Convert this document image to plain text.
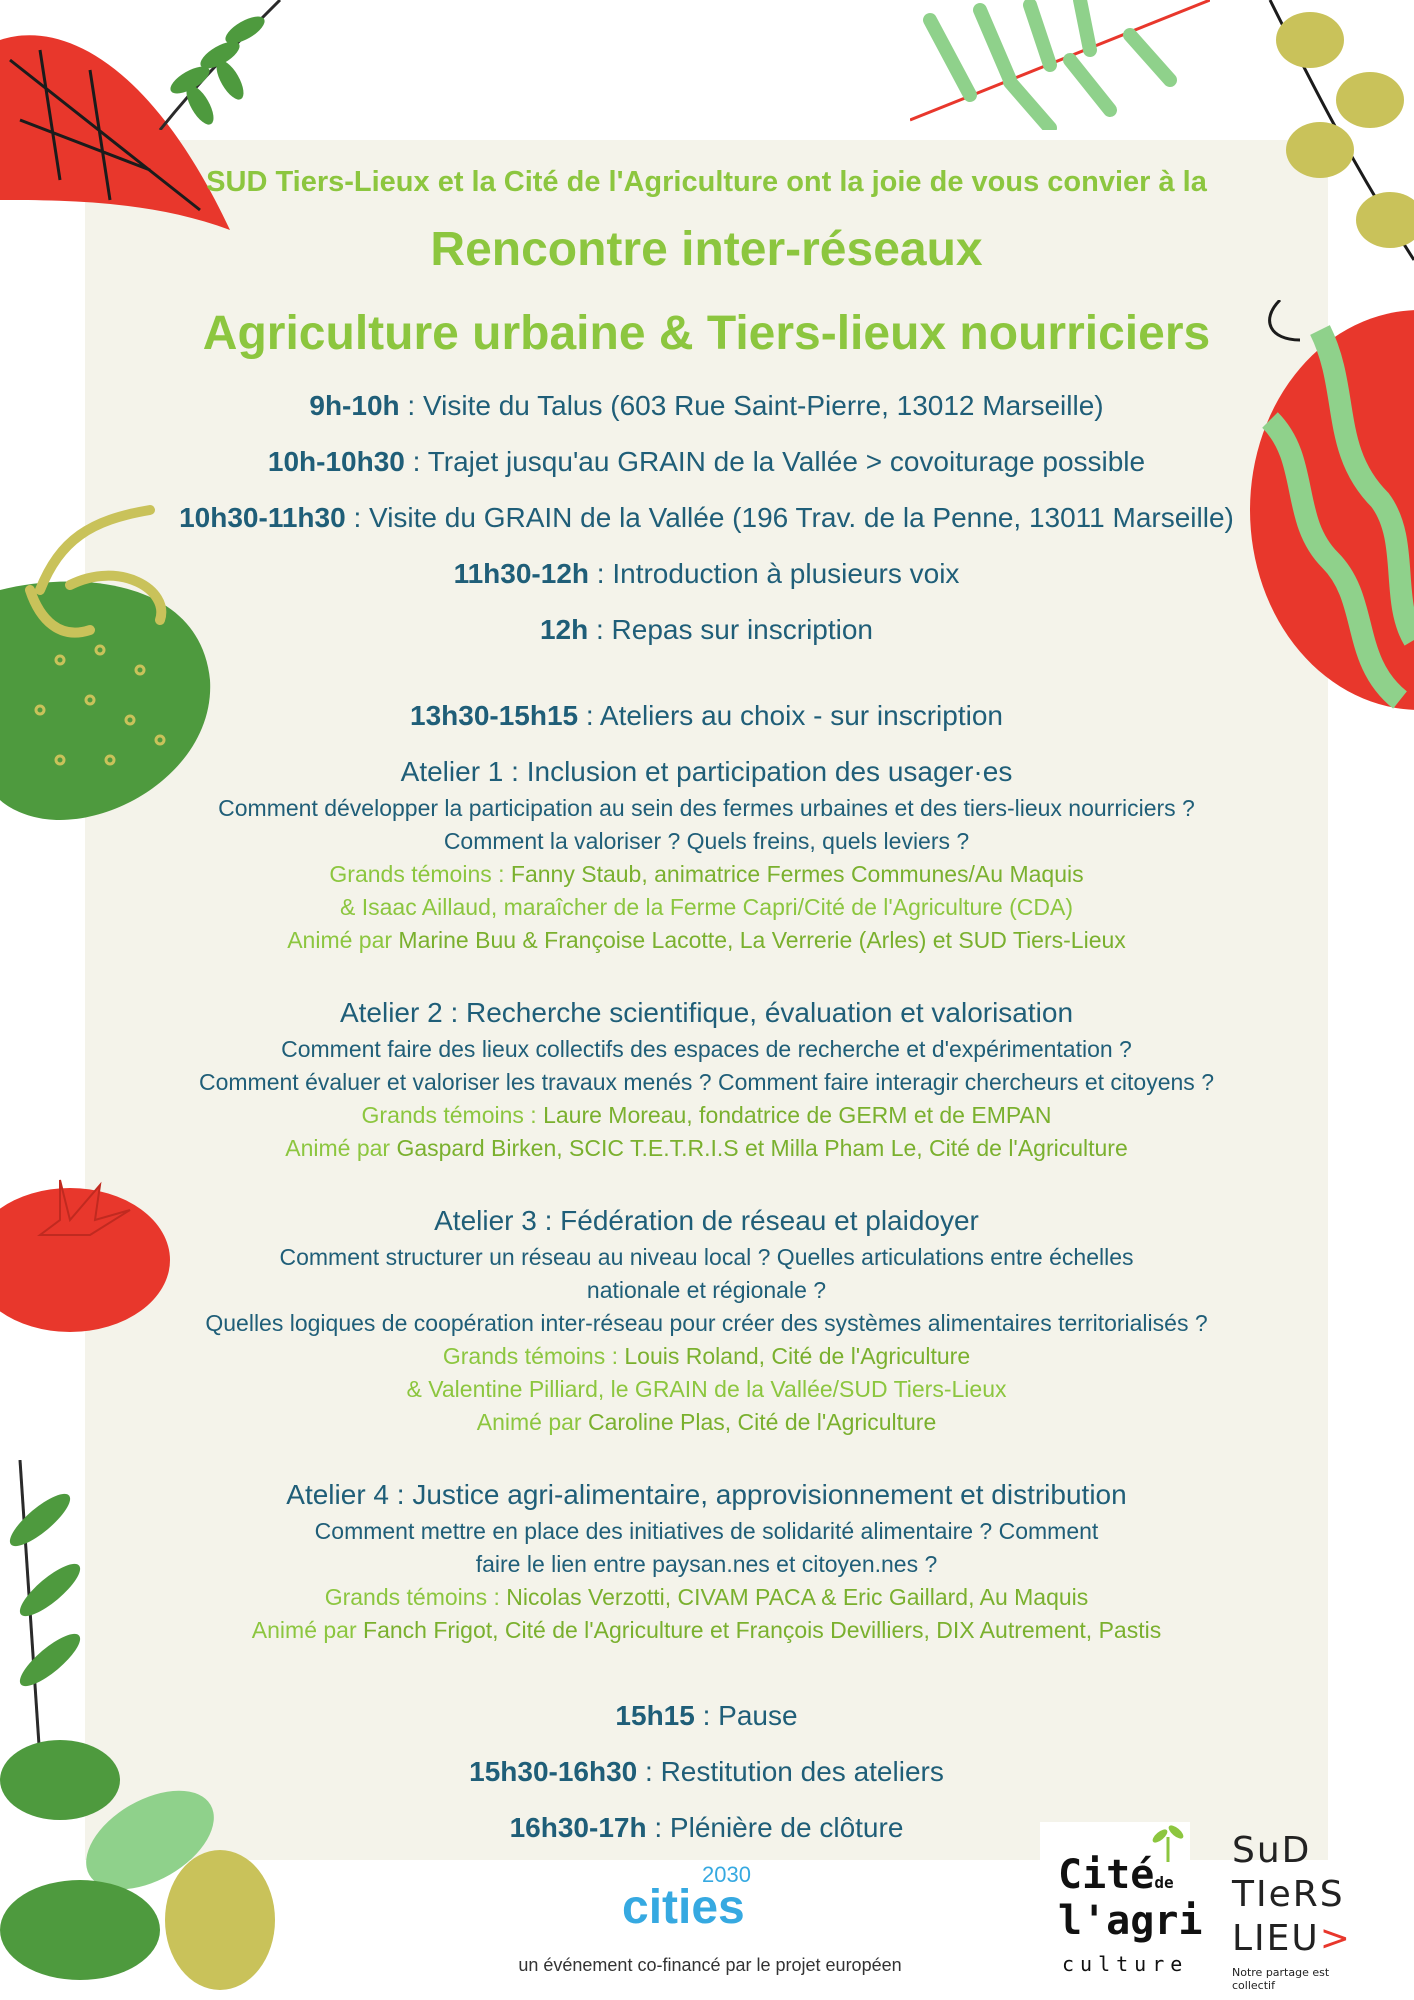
SUD Tiers-Lieux et la Cité de l'Agriculture ont la joie de vous convier à la
Rencontre inter-réseaux
Agriculture urbaine & Tiers-lieux nourriciers
9h-10h : Visite du Talus (603 Rue Saint-Pierre, 13012 Marseille)
10h-10h30 : Trajet jusqu'au GRAIN de la Vallée > covoiturage possible
10h30-11h30 : Visite du GRAIN de la Vallée (196 Trav. de la Penne, 13011 Marseille)
11h30-12h : Introduction à plusieurs voix
12h : Repas sur inscription
13h30-15h15 : Ateliers au choix - sur inscription
Atelier 1 : Inclusion et participation des usager·es
Comment développer la participation au sein des fermes urbaines et des tiers-lieux nourriciers ?
Comment la valoriser ? Quels freins, quels leviers ?
Grands témoins : Fanny Staub, animatrice Fermes Communes/Au Maquis
& Isaac Aillaud, maraîcher de la Ferme Capri/Cité de l'Agriculture (CDA)
Animé par Marine Buu & Françoise Lacotte, La Verrerie (Arles) et SUD Tiers-Lieux
Atelier 2 : Recherche scientifique, évaluation et valorisation
Comment faire des lieux collectifs des espaces de recherche et d'expérimentation ?
Comment évaluer et valoriser les travaux menés ? Comment faire interagir chercheurs et citoyens ?
Grands témoins : Laure Moreau, fondatrice de GERM et de EMPAN
Animé par Gaspard Birken, SCIC T.E.T.R.I.S et Milla Pham Le, Cité de l'Agriculture
Atelier 3 : Fédération de réseau et plaidoyer
Comment structurer un réseau au niveau local ? Quelles articulations entre échelles nationale et régionale ?
Quelles logiques de coopération inter-réseau pour créer des systèmes alimentaires territorialisés ?
Grands témoins : Louis Roland, Cité de l'Agriculture
& Valentine Pilliard, le GRAIN de la Vallée/SUD Tiers-Lieux
Animé par Caroline Plas, Cité de l'Agriculture
Atelier 4 : Justice agri-alimentaire, approvisionnement et distribution
Comment mettre en place des initiatives de solidarité alimentaire ? Comment faire le lien entre paysan.nes et citoyen.nes ?
Grands témoins : Nicolas Verzotti, CIVAM PACA & Eric Gaillard, Au Maquis
Animé par Fanch Frigot, Cité de l'Agriculture et François Devilliers, DIX Autrement, Pastis
15h15 : Pause
15h30-16h30 : Restitution des ateliers
16h30-17h : Plénière de clôture
2030
cities
un événement co-financé par le projet européen
Citéde
l'agri
culture
SuD
TIeRS
LIEU>
Notre partage est collectif
